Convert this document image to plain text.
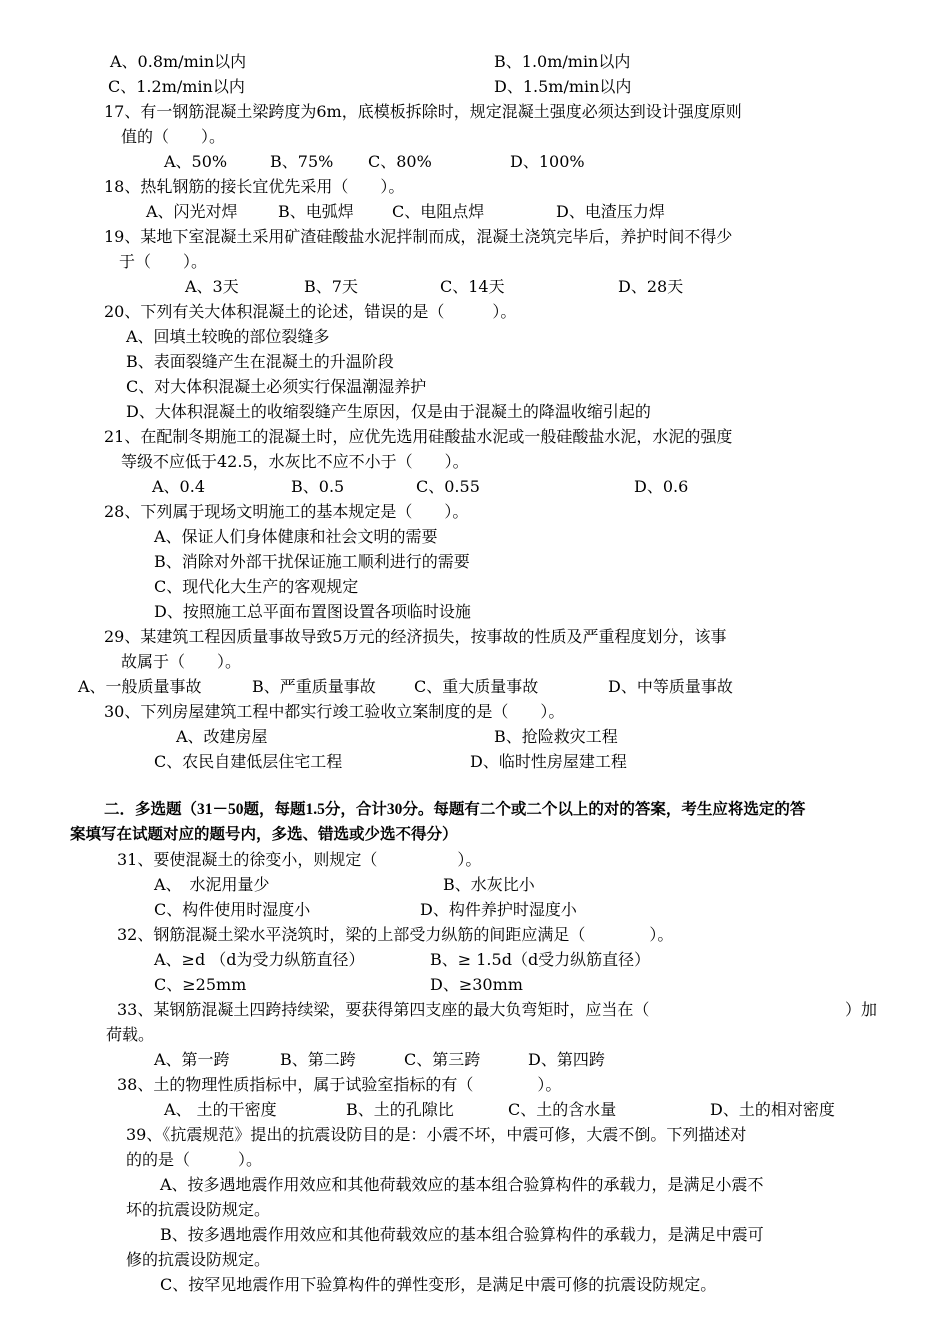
A、0.8m/min以内	B、1.0m/min以内
C、1.2m/min以内	D、1.5m/min以内
17、有一钢筋混凝土梁跨度为6m，底模板拆除时，规定混凝土强度必须达到设计强度原则
值的（　　）。
A、50%	B、75% C、80%	D、100%
18、热轧钢筋的接长宜优先采用（　　）。
A、闪光对焊	B、电弧焊 C、电阻点焊	D、电渣压力焊
19、某地下室混凝土采用矿渣硅酸盐水泥拌制而成，混凝土浇筑完毕后，养护时间不得少
于（　　）。
A、3天	B、7天	C、14天	D、28天
20、下列有关大体积混凝土的论述，错误的是（　　　）。
A、回填土较晚的部位裂缝多
B、表面裂缝产生在混凝土的升温阶段
C、对大体积混凝土必须实行保温潮湿养护
D、大体积混凝土的收缩裂缝产生原因，仅是由于混凝土的降温收缩引起的
21、在配制冬期施工的混凝土时，应优先选用硅酸盐水泥或一般硅酸盐水泥，水泥的强度
等级不应低于42.5，水灰比不应不小于（　　）。
A、0.4	B、0.5	C、0.55	D、0.6
28、下列属于现场文明施工的基本规定是（　　）。
A、保证人们身体健康和社会文明的需要
B、消除对外部干扰保证施工顺利进行的需要
C、现代化大生产的客观规定
D、按照施工总平面布置图设置各项临时设施
29、某建筑工程因质量事故导致5万元的经济损失，按事故的性质及严重程度划分，该事
故属于（　　）。
A、一般质量事故	B、严重质量事故 C、重大质量事故	D、中等质量事故
30、下列房屋建筑工程中都实行竣工验收立案制度的是（　　）。
A、改建房屋	B、抢险救灾工程
C、农民自建低层住宅工程	D、临时性房屋建工程
二．多选题（31－50题，每题1.5分，合计30分。每题有二个或二个以上的对的答案，考生应将选定的答
案填写在试题对应的题号内，多选、错选或少选不得分）
31、要使混凝土的徐变小，则规定（　　　　　）。
A、　水泥用量少	B、水灰比小
C、构件使用时湿度小	D、构件养护时湿度小
32、钢筋混凝土梁水平浇筑时，梁的上部受力纵筋的间距应满足（　　　　）。
A、≥d （d为受力纵筋直径）	B、≥ 1.5d（d受力纵筋直径）
C、≥25mm	D、≥30mm
33、某钢筋混凝土四跨持续梁，要获得第四支座的最大负弯矩时，应当在（	）加
荷载。
A、第一跨	B、第二跨	C、第三跨	D、第四跨
38、土的物理性质指标中，属于试验室指标的有（　　　　）。
A、 土的干密度	B、土的孔隙比	C、土的含水量	D、土的相对密度
39、《抗震规范》提出的抗震设防目的是：小震不坏，中震可修，大震不倒。下列描述对
的的是（　　　）。
A、按多遇地震作用效应和其他荷载效应的基本组合验算构件的承载力，是满足小震不
坏的抗震设防规定。
B、按多遇地震作用效应和其他荷载效应的基本组合验算构件的承载力，是满足中震可
修的抗震设防规定。
C、按罕见地震作用下验算构件的弹性变形，是满足中震可修的抗震设防规定。
